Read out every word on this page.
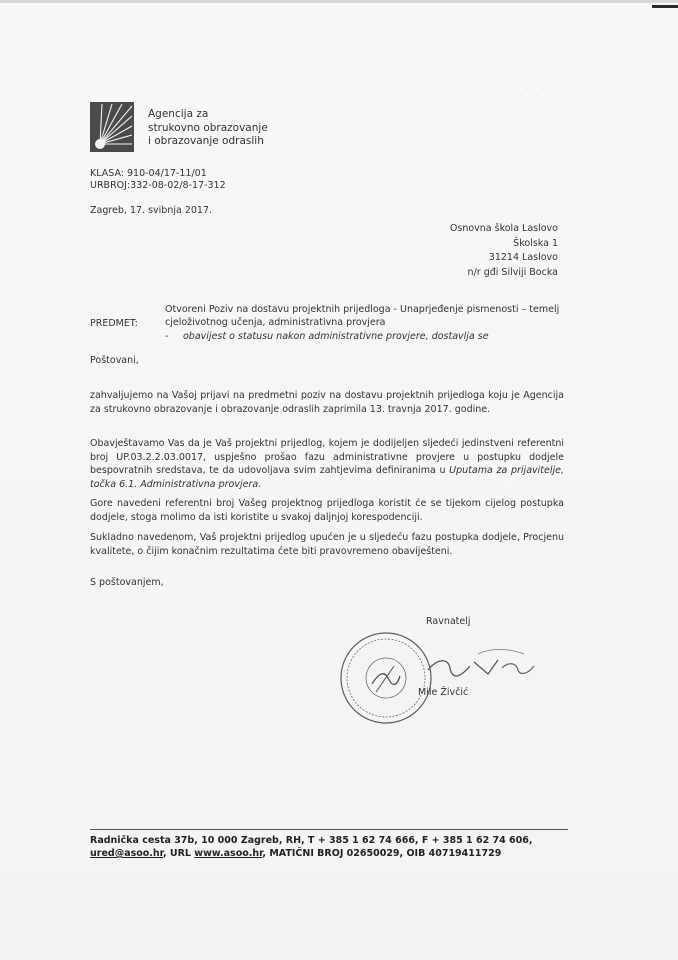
Agencija za
strukovno obrazovanje
i obrazovanje odraslih
· : · · ·
KLASA: 910-04/17-11/01
URBROJ:332-08-02/8-17-312
Zagreb, 17. svibnja 2017.
Osnovna škola Laslovo
Školska 1
31214 Laslovo
n/r gđi Silviji Bocka
PREDMET:
Otvoreni Poziv na dostavu projektnih prijedloga - Unaprjeđenje pismenosti – temelj
cjeloživotnog učenja, administrativna provjera
- obavijest o statusu nakon administrativne provjere, dostavlja se
Poštovani,
zahvaljujemo na Vašoj prijavi na predmetni poziv na dostavu projektnih prijedloga koju je Agencija za strukovno obrazovanje i obrazovanje odraslih zaprimila 13. travnja 2017. godine.
Obavještavamo Vas da je Vaš projektni prijedlog, kojem je dodijeljen sljedeći jedinstveni referentni broj UP.03.2.2.03.0017, uspješno prošao fazu administrativne provjere u postupku dodjele bespovratnih sredstava, te da udovoljava svim zahtjevima definiranima u Uputama za prijavitelje, točka 6.1. Administrativna provjera.
Gore navedeni referentni broj Vašeg projektnog prijedloga koristit će se tijekom cijelog postupka dodjele, stoga molimo da isti koristite u svakoj daljnjoj korespodenciji.
Sukladno navedenom, Vaš projektni prijedlog upućen je u sljedeću fazu postupka dodjele, Procjenu kvalitete, o čijim konačnim rezultatima ćete biti pravovremeno obaviješteni.
S poštovanjem,
Ravnatelj
Mile Živčić
Radnička cesta 37b, 10 000 Zagreb, RH, T + 385 1 62 74 666, F + 385 1 62 74 606,
ured@asoo.hr, URL www.asoo.hr, MATIČNI BROJ 02650029, OIB 40719411729
